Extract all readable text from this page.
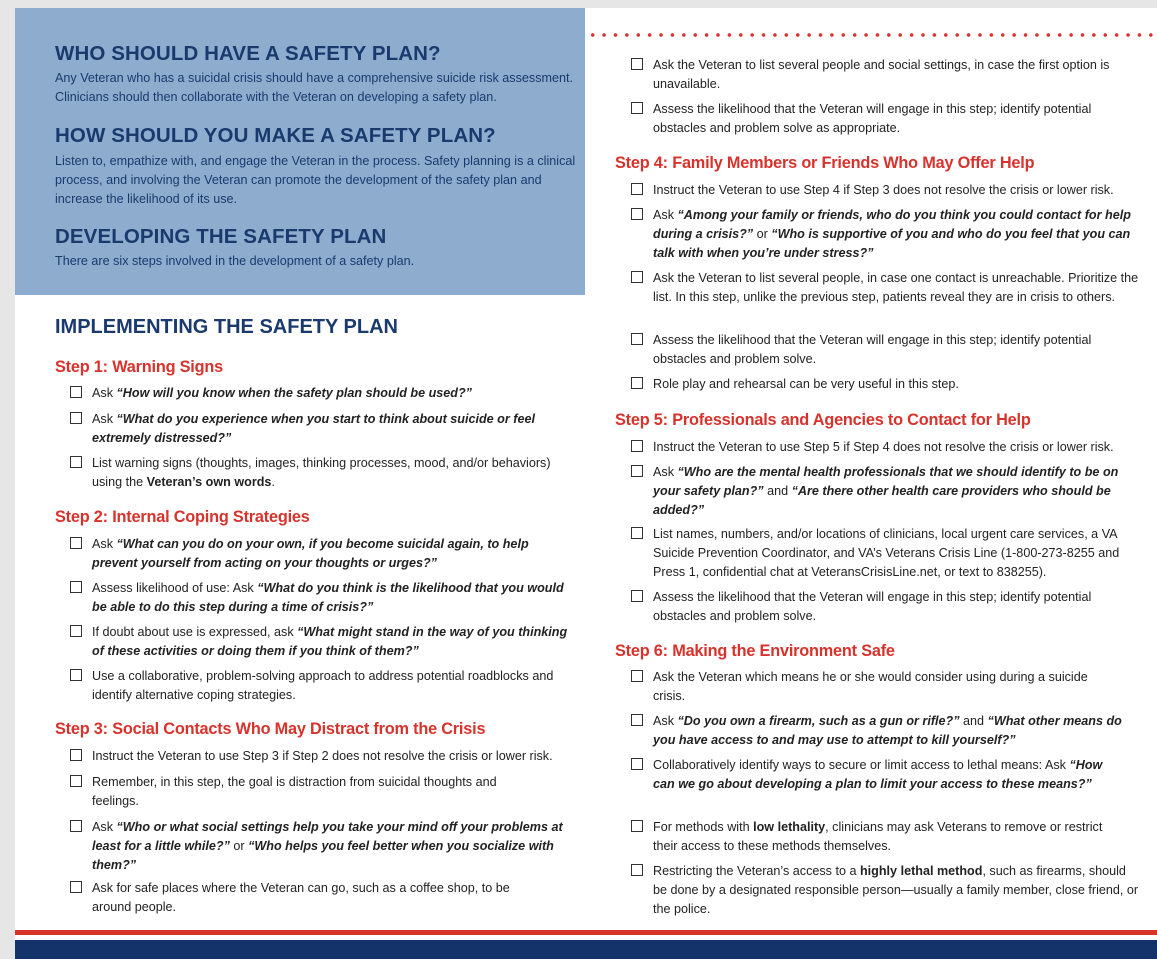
WHO SHOULD HAVE A SAFETY PLAN?

Any Veteran who has a suicidal crisis should have a comprehensive suicide risk assessment. Clinicians should then collaborate with the Veteran on developing a safety plan.

HOW SHOULD YOU MAKE A SAFETY PLAN?

Listen to, empathize with, and engage the Veteran in the process. Safety planning is a clinical process, and involving the Veteran can promote the development of the safety plan and increase the likelihood of its use.

DEVELOPING THE SAFETY PLAN

There are six steps involved in the development of a safety plan.

IMPLEMENTING THE SAFETY PLAN
Step 1: Warning Signs

Ask “How will you know when the safety plan should be used?”

Ask “What do you experience when you start to think about suicide or feel extremely distressed?”

List warning signs (thoughts, images, thinking processes, mood, and/or behaviors) using the Veteran’s own words.

Step 2: Internal Coping Strategies

Ask “What can you do on your own, if you become suicidal again, to help prevent yourself from acting on your thoughts or urges?”

Assess likelihood of use: Ask “What do you think is the likelihood that you would be able to do this step during a time of crisis?”

If doubt about use is expressed, ask “What might stand in the way of you thinking of these activities or doing them if you think of them?”

Use a collaborative, problem-solving approach to address potential roadblocks and identify alternative coping strategies.

Step 3: Social Contacts Who May Distract from the Crisis

Instruct the Veteran to use Step 3 if Step 2 does not resolve the crisis or lower risk.

Remember, in this step, the goal is distraction from suicidal thoughts and feelings.

Ask “Who or what social settings help you take your mind off your problems at least for a little while?” or “Who helps you feel better when you socialize with them?”

Ask for safe places where the Veteran can go, such as a coffee shop, to be around people.

Ask the Veteran to list several people and social settings, in case the first option is unavailable.

Assess the likelihood that the Veteran will engage in this step; identify potential obstacles and problem solve as appropriate.

Step 4: Family Members or Friends Who May Offer Help

Instruct the Veteran to use Step 4 if Step 3 does not resolve the crisis or lower risk.

Ask “Among your family or friends, who do you think you could contact for help during a crisis?” or “Who is supportive of you and who do you feel that you can talk with when you’re under stress?”

Ask the Veteran to list several people, in case one contact is unreachable. Prioritize the list. In this step, unlike the previous step, patients reveal they are in crisis to others.

Assess the likelihood that the Veteran will engage in this step; identify potential obstacles and problem solve.

Role play and rehearsal can be very useful in this step.

Step 5: Professionals and Agencies to Contact for Help

Instruct the Veteran to use Step 5 if Step 4 does not resolve the crisis or lower risk.

Ask “Who are the mental health professionals that we should identify to be on your safety plan?” and “Are there other health care providers who should be added?”

List names, numbers, and/or locations of clinicians, local urgent care services, a VA Suicide Prevention Coordinator, and VA’s Veterans Crisis Line (1-800-273-8255 and Press 1, confidential chat at VeteransCrisisLine.net, or text to 838255).

Assess the likelihood that the Veteran will engage in this step; identify potential obstacles and problem solve.

Step 6: Making the Environment Safe

Ask the Veteran which means he or she would consider using during a suicide crisis.

Ask “Do you own a firearm, such as a gun or rifle?” and “What other means do you have access to and may use to attempt to kill yourself?”

Collaboratively identify ways to secure or limit access to lethal means: Ask “How can we go about developing a plan to limit your access to these means?”

For methods with low lethality, clinicians may ask Veterans to remove or restrict their access to these methods themselves.

Restricting the Veteran’s access to a highly lethal method, such as firearms, should be done by a designated responsible person—usually a family member, close friend, or the police.
